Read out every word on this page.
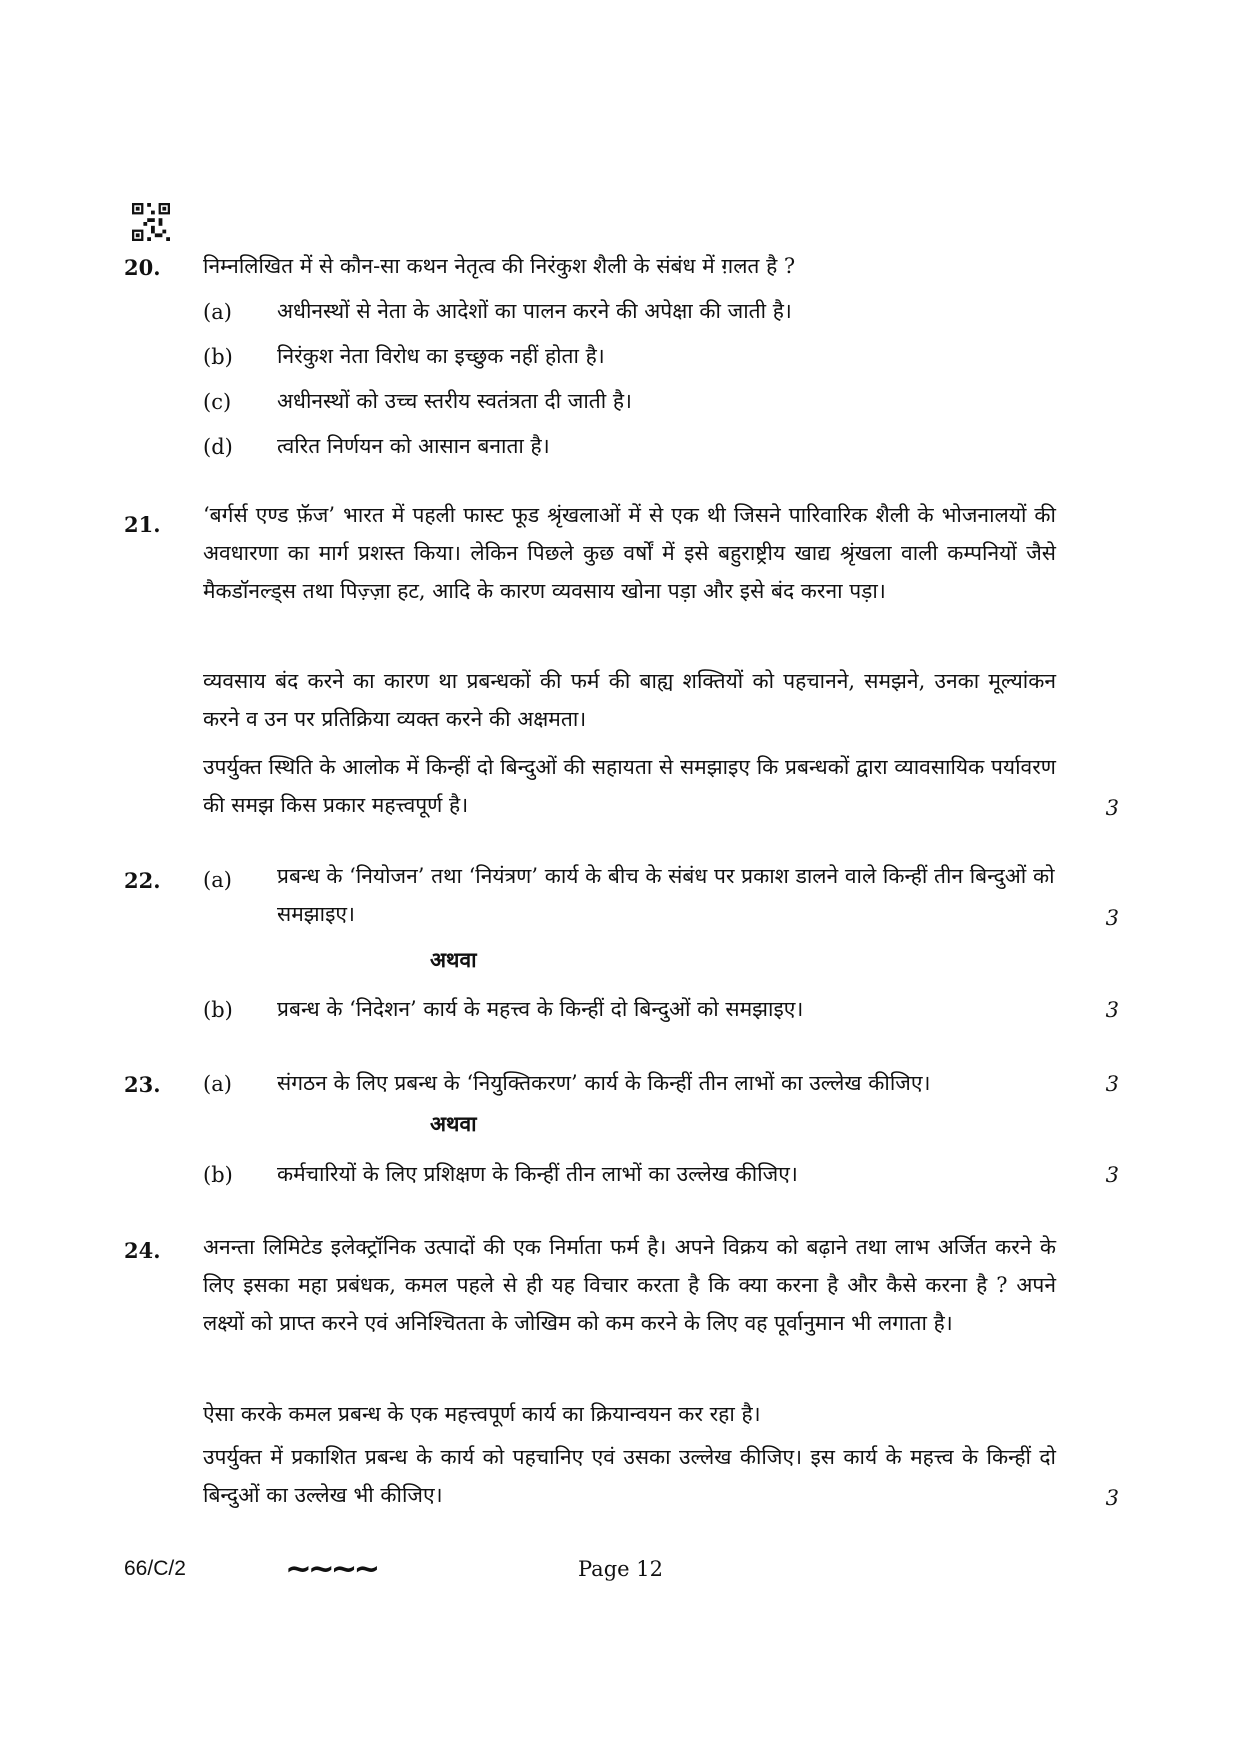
20. निम्नलिखित में से कौन-सा कथन नेतृत्व की निरंकुश शैली के संबंध में ग़लत है ?
(a) अधीनस्थों से नेता के आदेशों का पालन करने की अपेक्षा की जाती है।
(b) निरंकुश नेता विरोध का इच्छुक नहीं होता है।
(c) अधीनस्थों को उच्च स्तरीय स्वतंत्रता दी जाती है।
(d) त्वरित निर्णयन को आसान बनाता है।
21. ‘बर्गर्स एण्ड फ़ॅज’ भारत में पहली फास्ट फूड श्रृंखलाओं में से एक थी जिसने पारिवारिक शैली के भोजनालयों की अवधारणा का मार्ग प्रशस्त किया। लेकिन पिछले कुछ वर्षों में इसे बहुराष्ट्रीय खाद्य श्रृंखला वाली कम्पनियों जैसे मैकडॉनल्ड्स तथा पिज़्ज़ा हट, आदि के कारण व्यवसाय खोना पड़ा और इसे बंद करना पड़ा।
व्यवसाय बंद करने का कारण था प्रबन्धकों की फर्म की बाह्य शक्तियों को पहचानने, समझने, उनका मूल्यांकन करने व उन पर प्रतिक्रिया व्यक्त करने की अक्षमता।
उपर्युक्त स्थिति के आलोक में किन्हीं दो बिन्दुओं की सहायता से समझाइए कि प्रबन्धकों द्वारा व्यावसायिक पर्यावरण की समझ किस प्रकार महत्त्वपूर्ण है।	3
22. (a) प्रबन्ध के ‘नियोजन’ तथा ‘नियंत्रण’ कार्य के बीच के संबंध पर प्रकाश डालने वाले किन्हीं तीन बिन्दुओं को समझाइए।	3
अथवा
(b) प्रबन्ध के ‘निदेशन’ कार्य के महत्त्व के किन्हीं दो बिन्दुओं को समझाइए।	3
23. (a) संगठन के लिए प्रबन्ध के ‘नियुक्तिकरण’ कार्य के किन्हीं तीन लाभों का उल्लेख कीजिए।	3
अथवा
(b) कर्मचारियों के लिए प्रशिक्षण के किन्हीं तीन लाभों का उल्लेख कीजिए।	3
24. अनन्ता लिमिटेड इलेक्ट्रॉनिक उत्पादों की एक निर्माता फर्म है। अपने विक्रय को बढ़ाने तथा लाभ अर्जित करने के लिए इसका महा प्रबंधक, कमल पहले से ही यह विचार करता है कि क्या करना है और कैसे करना है ? अपने लक्ष्यों को प्राप्त करने एवं अनिश्चितता के जोखिम को कम करने के लिए वह पूर्वानुमान भी लगाता है।
ऐसा करके कमल प्रबन्ध के एक महत्त्वपूर्ण कार्य का क्रियान्वयन कर रहा है।
उपर्युक्त में प्रकाशित प्रबन्ध के कार्य को पहचानिए एवं उसका उल्लेख कीजिए। इस कार्य के महत्त्व के किन्हीं दो बिन्दुओं का उल्लेख भी कीजिए।	3
66/C/2	~~~~	Page 12
